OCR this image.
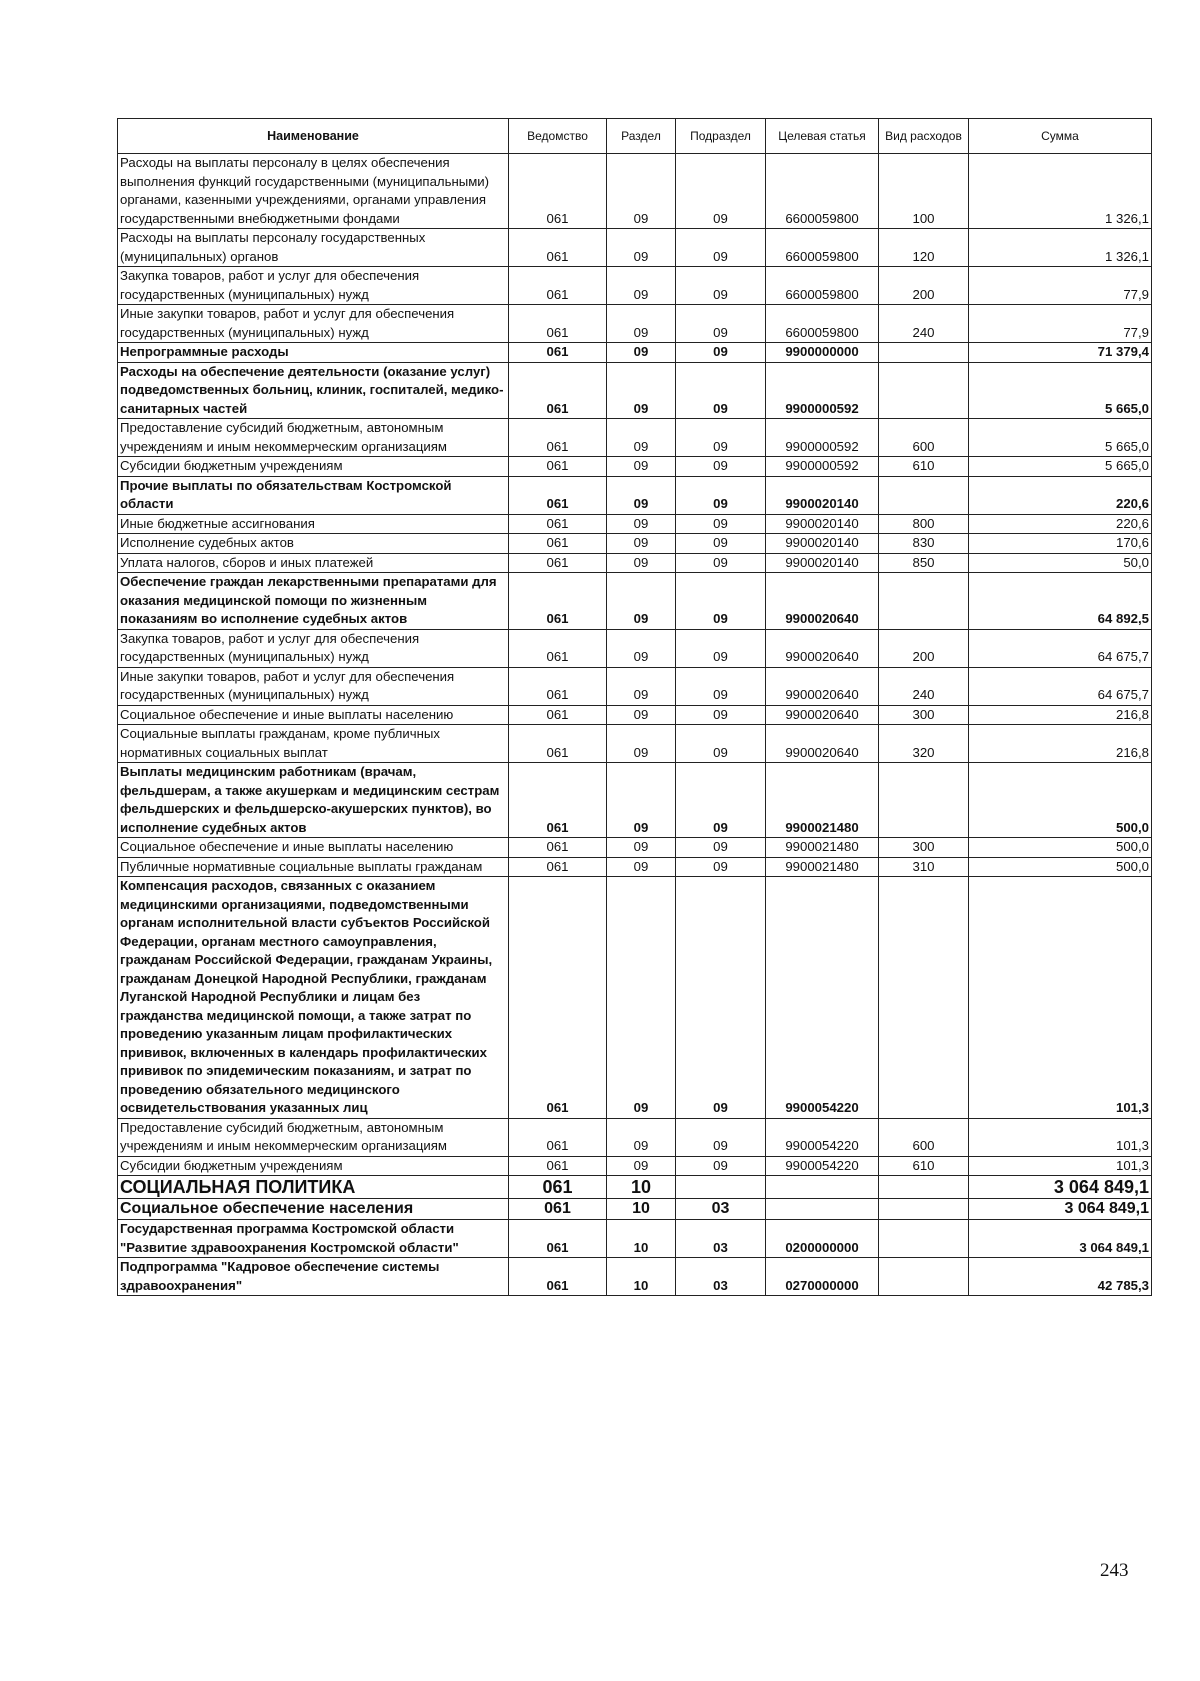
Наименование	Ведомство	Раздел	Подраздел	Целевая статья	Вид расходов	Сумма
Расходы на выплаты персоналу в целях обеспечения выполнения функций государственными (муниципальными) органами, казенными учреждениями, органами управления государственными внебюджетными фондами	061	09	09	6600059800	100	1 326,1
Расходы на выплаты персоналу государственных (муниципальных) органов	061	09	09	6600059800	120	1 326,1
Закупка товаров, работ и услуг для обеспечения государственных (муниципальных) нужд	061	09	09	6600059800	200	77,9
Иные закупки товаров, работ и услуг для обеспечения государственных (муниципальных) нужд	061	09	09	6600059800	240	77,9
Непрограммные расходы	061	09	09	9900000000		71 379,4
Расходы на обеспечение деятельности (оказание услуг) подведомственных больниц, клиник, госпиталей, медико-санитарных частей	061	09	09	9900000592		5 665,0
Предоставление субсидий бюджетным, автономным учреждениям и иным некоммерческим организациям	061	09	09	9900000592	600	5 665,0
Субсидии бюджетным учреждениям	061	09	09	9900000592	610	5 665,0
Прочие выплаты по обязательствам Костромской области	061	09	09	9900020140		220,6
Иные бюджетные ассигнования	061	09	09	9900020140	800	220,6
Исполнение судебных актов	061	09	09	9900020140	830	170,6
Уплата налогов, сборов и иных платежей	061	09	09	9900020140	850	50,0
Обеспечение граждан лекарственными препаратами для оказания медицинской помощи по жизненным показаниям во исполнение судебных актов	061	09	09	9900020640		64 892,5
Закупка товаров, работ и услуг для обеспечения государственных (муниципальных) нужд	061	09	09	9900020640	200	64 675,7
Иные закупки товаров, работ и услуг для обеспечения государственных (муниципальных) нужд	061	09	09	9900020640	240	64 675,7
Социальное обеспечение и иные выплаты населению	061	09	09	9900020640	300	216,8
Социальные выплаты гражданам, кроме публичных нормативных социальных выплат	061	09	09	9900020640	320	216,8
Выплаты медицинским работникам (врачам, фельдшерам, а также акушеркам и медицинским сестрам фельдшерских и фельдшерско-акушерских пунктов), во исполнение судебных актов	061	09	09	9900021480		500,0
Социальное обеспечение и иные выплаты населению	061	09	09	9900021480	300	500,0
Публичные нормативные социальные выплаты гражданам	061	09	09	9900021480	310	500,0
Компенсация расходов, связанных с оказанием медицинскими организациями, подведомственными органам исполнительной власти субъектов Российской Федерации, органам местного самоуправления, гражданам Российской Федерации, гражданам Украины, гражданам Донецкой Народной Республики, гражданам Луганской Народной Республики и лицам без гражданства медицинской помощи, а также затрат по проведению указанным лицам профилактических прививок, включенных в календарь профилактических прививок по эпидемическим показаниям, и затрат по проведению обязательного медицинского освидетельствования указанных лиц	061	09	09	9900054220		101,3
Предоставление субсидий бюджетным, автономным учреждениям и иным некоммерческим организациям	061	09	09	9900054220	600	101,3
Субсидии бюджетным учреждениям	061	09	09	9900054220	610	101,3
СОЦИАЛЬНАЯ ПОЛИТИКА	061	10				3 064 849,1
Социальное обеспечение населения	061	10	03			3 064 849,1
Государственная программа Костромской области "Развитие здравоохранения Костромской области"	061	10	03	0200000000		3 064 849,1
Подпрограмма "Кадровое обеспечение системы здравоохранения"	061	10	03	0270000000		42 785,3
243
